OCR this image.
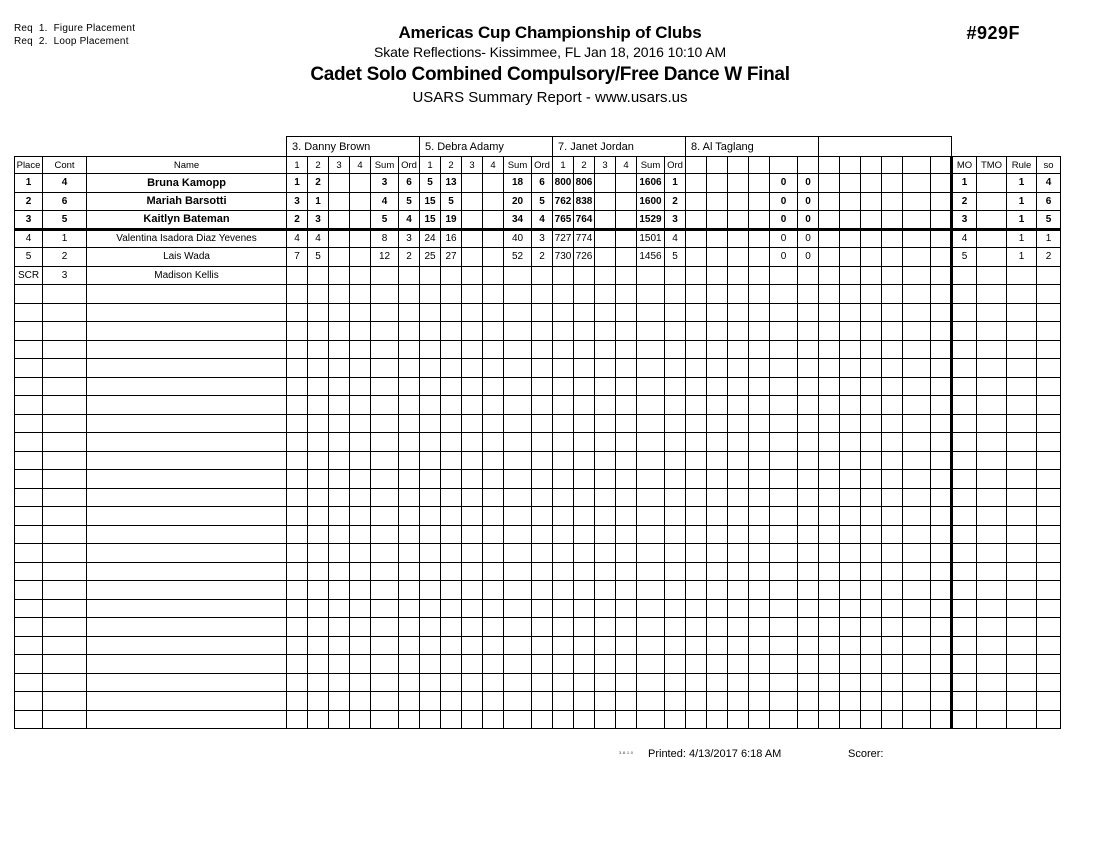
Req  1.  Figure Placement
Req  2.  Loop Placement	Americas Cup Championship of Clubs
Skate Reflections- Kissimmee, FL Jan 18, 2016 10:10 AM
Cadet Solo Combined Compulsory/Free Dance W Final
USARS Summary Report - www.usars.us
#929F
			3. Danny Brown						5. Debra Adamy						7. Janet Jordan						8. Al Taglang															
Place	Cont	Name	1	2	3	4	Sum	Ord	1	2	3	4	Sum	Ord	1	2	3	4	Sum	Ord													MO	TMO	Rule	so
1	4	Bruna Kamopp	1	2			3	6	5	13			18	6	800	806			1606	1					0	0							1		1	4
2	6	Mariah Barsotti	3	1			4	5	15	5			20	5	762	838			1600	2					0	0							2		1	6
3	5	Kaitlyn Bateman	2	3			5	4	15	19			34	4	765	764			1529	3					0	0							3		1	5
4	1	Valentina Isadora Diaz Yevenes	4	4			8	3	24	16			40	3	727	774			1501	4					0	0							4		1	1
5	2	Lais Wada	7	5			12	2	25	27			52	2	730	726			1456	5					0	0							5		1	2
SCR	3	Madison Kellis																																		

3.8.1.0 Printed: 4/13/2017 6:18 AM	Scorer:
